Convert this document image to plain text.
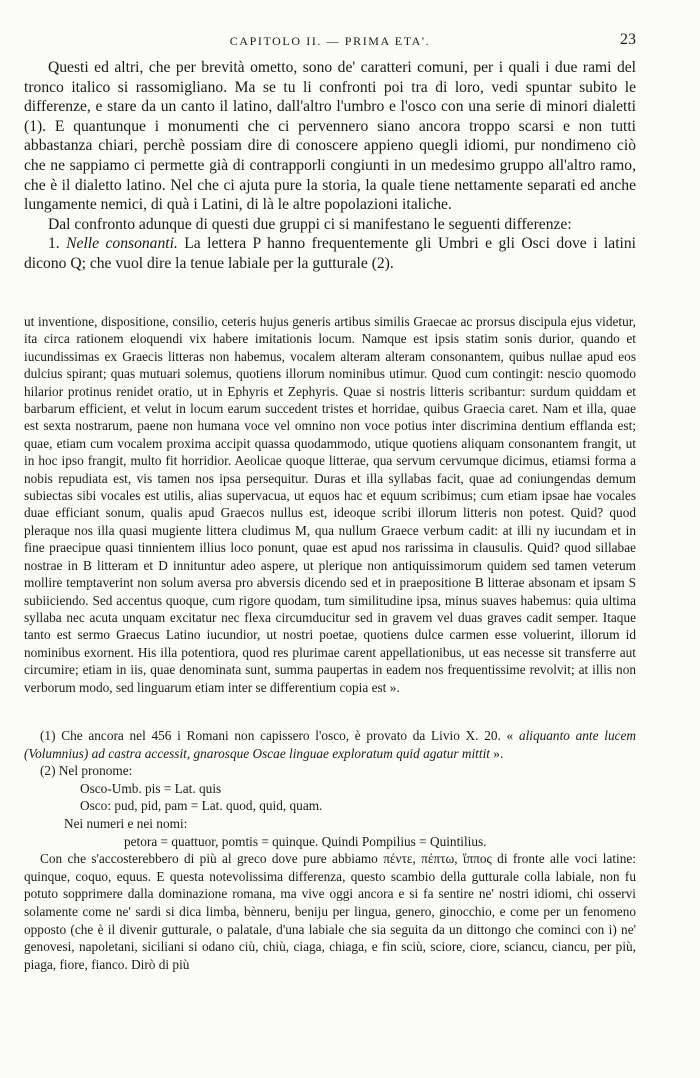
CAPITOLO II. — PRIMA ETA'.	23

Questi ed altri, che per brevità ometto, sono de' caratteri comuni, per i quali i due rami del tronco italico si rassomigliano. Ma se tu li confronti poi tra di loro, vedi spuntar subito le differenze, e stare da un canto il latino, dall'altro l'umbro e l'osco con una serie di minori dialetti (1). E quantunque i monumenti che ci pervennero siano ancora troppo scarsi e non tutti abbastanza chiari, perchè possiam dire di conoscere appieno quegli idiomi, pur nondimeno ciò che ne sappiamo ci permette già di contrapporli congiunti in un medesimo gruppo all'altro ramo, che è il dialetto latino. Nel che ci ajuta pure la storia, la quale tiene nettamente separati ed anche lungamente nemici, di quà i Latini, di là le altre popolazioni italiche.

Dal confronto adunque di questi due gruppi ci si manifestano le seguenti differenze:

1. Nelle consonanti. La lettera P hanno frequentemente gli Umbri e gli Osci dove i latini dicono Q; che vuol dire la tenue labiale per la gutturale (2).

ut inventione, dispositione, consilio, ceteris hujus generis artibus similis Graecae ac prorsus discipula ejus videtur, ita circa rationem eloquendi vix habere imitationis locum. Namque est ipsis statim sonis durior, quando et iucundissimas ex Graecis litteras non habemus, vocalem alteram alteram consonantem, quibus nullae apud eos dulcius spirant; quas mutuari solemus, quotiens illorum nominibus utimur. Quod cum contingit: nescio quomodo hilarior protinus renidet oratio, ut in Ephyris et Zephyris. Quae si nostris litteris scribantur: surdum quiddam et barbarum efficient, et velut in locum earum succedent tristes et horridae, quibus Graecia caret. Nam et illa, quae est sexta nostrarum, paene non humana voce vel omnino non voce potius inter discrimina dentium efflanda est; quae, etiam cum vocalem proxima accipit quassa quodammodo, utique quotiens aliquam consonantem frangit, ut in hoc ipso frangit, multo fit horridior. Aeolicae quoque litterae, qua servum cervumque dicimus, etiamsi forma a nobis repudiata est, vis tamen nos ipsa persequitur. Duras et illa syllabas facit, quae ad coniungendas demum subiectas sibi vocales est utilis, alias supervacua, ut equos hac et equum scribimus; cum etiam ipsae hae vocales duae efficiant sonum, qualis apud Graecos nullus est, ideoque scribi illorum litteris non potest. Quid? quod pleraque nos illa quasi mugiente littera cludimus M, qua nullum Graece verbum cadit: at illi ny iucundam et in fine praecipue quasi tinnientem illius loco ponunt, quae est apud nos rarissima in clausulis. Quid? quod sillabae nostrae in B litteram et D innituntur adeo aspere, ut plerique non antiquissimorum quidem sed tamen veterum mollire temptaverint non solum aversa pro abversis dicendo sed et in praepositione B litterae absonam et ipsam S subiiciendo. Sed accentus quoque, cum rigore quodam, tum similitudine ipsa, minus suaves habemus: quia ultima syllaba nec acuta unquam excitatur nec flexa circumducitur sed in gravem vel duas graves cadit semper. Itaque tanto est sermo Graecus Latino iucundior, ut nostri poetae, quotiens dulce carmen esse voluerint, illorum id nominibus exornent. His illa potentiora, quod res plurimae carent appellationibus, ut eas necesse sit transferre aut circumire; etiam in iis, quae denominata sunt, summa paupertas in eadem nos frequentissime revolvit; at illis non verborum modo, sed linguarum etiam inter se differentium copia est ».

(1) Che ancora nel 456 i Romani non capissero l'osco, è provato da Livio X. 20. « aliquanto ante lucem (Volumnius) ad castra accessit, gnarosque Oscae linguae exploratum quid agatur mittit ».

(2) Nel pronome:

Osco-Umb. pis = Lat. quis

Osco: pud, pid, pam = Lat. quod, quid, quam.

Nei numeri e nei nomi:

petora = quattuor, pomtis = quinque. Quindi Pompilius = Quintilius.

Con che s'accosterebbero di più al greco dove pure abbiamo πέντε, πέπτω, ἵππος di fronte alle voci latine: quinque, coquo, equus. E questa notevolissima differenza, questo scambio della gutturale colla labiale, non fu potuto sopprimere dalla dominazione romana, ma vive oggi ancora e si fa sentire ne' nostri idiomi, chi osservi solamente come ne' sardi si dica limba, bènneru, beniju per lingua, genero, ginocchio, e come per un fenomeno opposto (che è il divenir gutturale, o palatale, d'una labiale che sia seguita da un dittongo che cominci con i) ne' genovesi, napoletani, siciliani si odano ciù, chiù, ciaga, chiaga, e fin sciù, sciore, ciore, sciancu, ciancu, per più, piaga, fiore, fianco. Dirò di più
